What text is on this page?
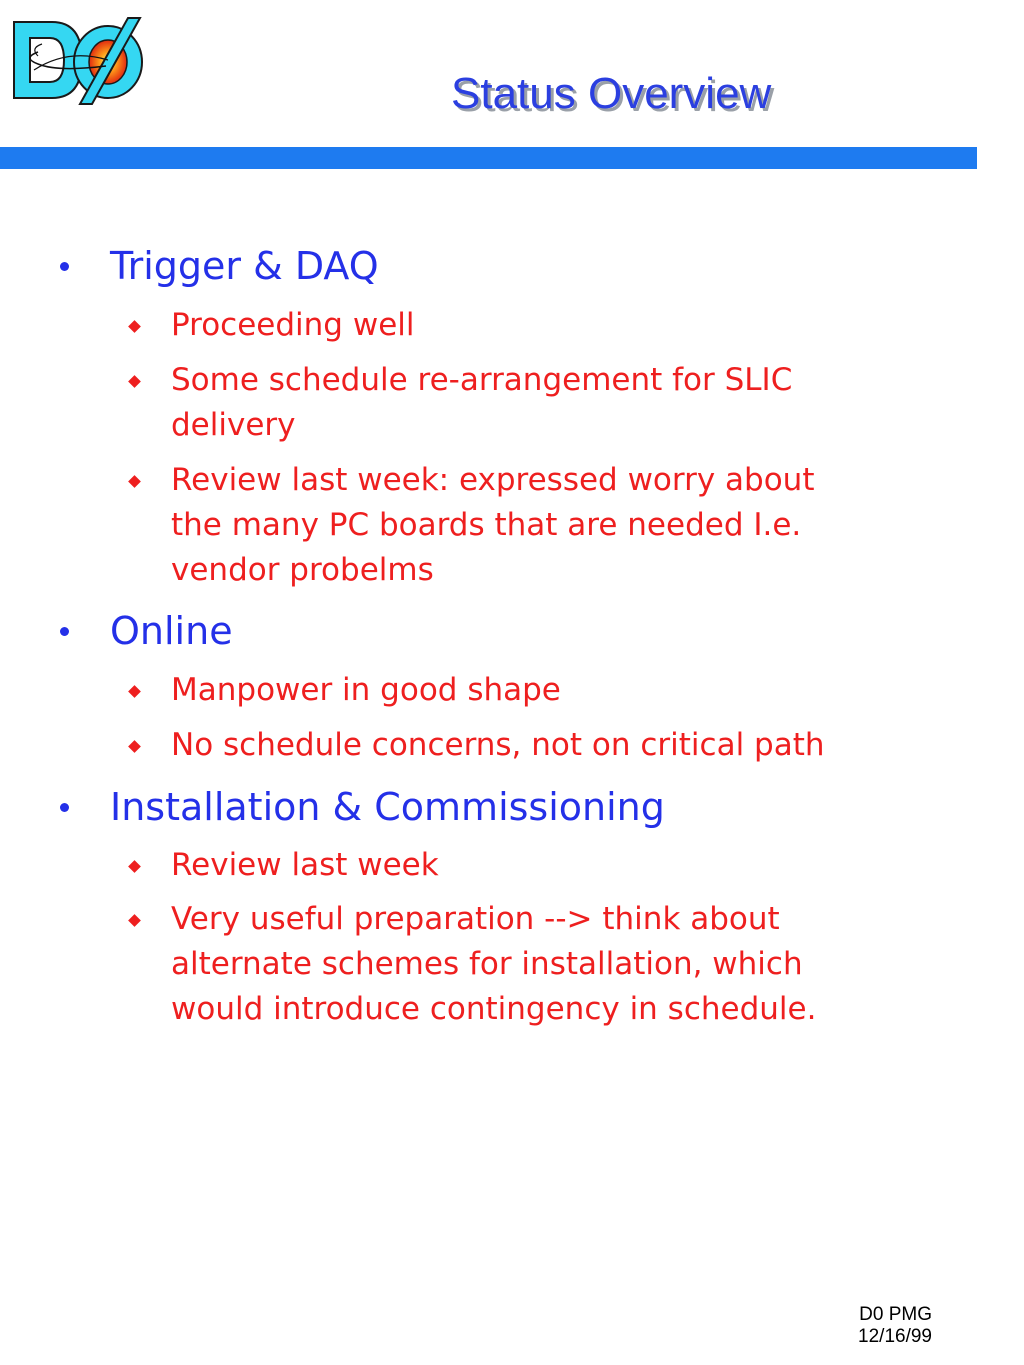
Status Overview
Trigger & DAQ
Proceeding well
Some schedule re-arrangement for SLIC
delivery
Review last week: expressed worry about
the many PC boards that are needed I.e.
vendor probelms
Online
Manpower in good shape
No schedule concerns, not on critical path
Installation & Commissioning
Review last week
Very useful preparation --> think about
alternate schemes for installation, which
would introduce contingency in schedule.
D0 PMG
12/16/99
